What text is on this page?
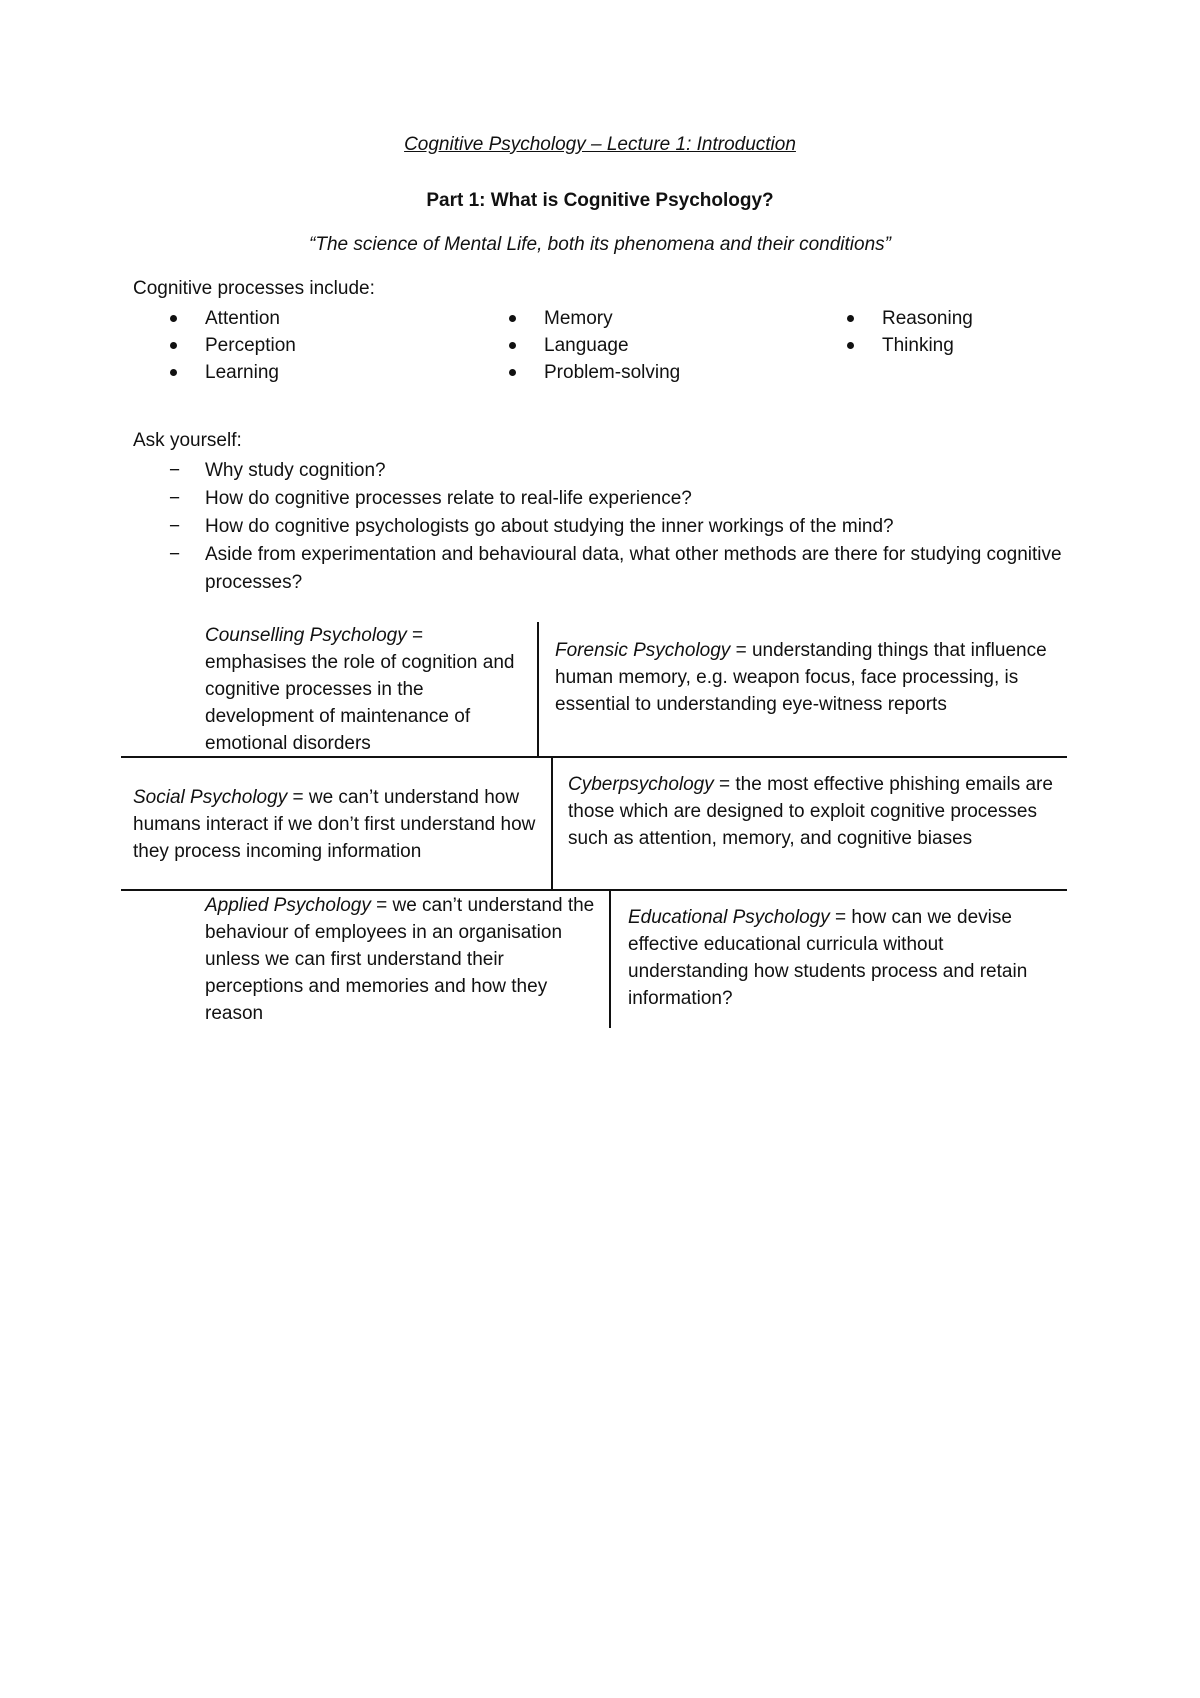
Cognitive Psychology – Lecture 1: Introduction
Part 1: What is Cognitive Psychology?
“The science of Mental Life, both its phenomena and their conditions”
Cognitive processes include:
Attention
Perception
Learning
Memory
Language
Problem-solving
Reasoning
Thinking
Ask yourself:
−	Why study cognition?
−	How do cognitive processes relate to real-life experience?
−	How do cognitive psychologists go about studying the inner workings of the mind?
−	Aside from experimentation and behavioural data, what other methods are there for studying cognitive processes?
Counselling Psychology = emphasises the role of cognition and cognitive processes in the development of maintenance of emotional disorders
Forensic Psychology = understanding things that influence human memory, e.g. weapon focus, face processing, is essential to understanding eye-witness reports
Social Psychology = we can’t understand how humans interact if we don’t first understand how they process incoming information
Cyberpsychology = the most effective phishing emails are those which are designed to exploit cognitive processes such as attention, memory, and cognitive biases
Applied Psychology = we can’t understand the behaviour of employees in an organisation unless we can first understand their perceptions and memories and how they reason
Educational Psychology = how can we devise effective educational curricula without understanding how students process and retain information?
